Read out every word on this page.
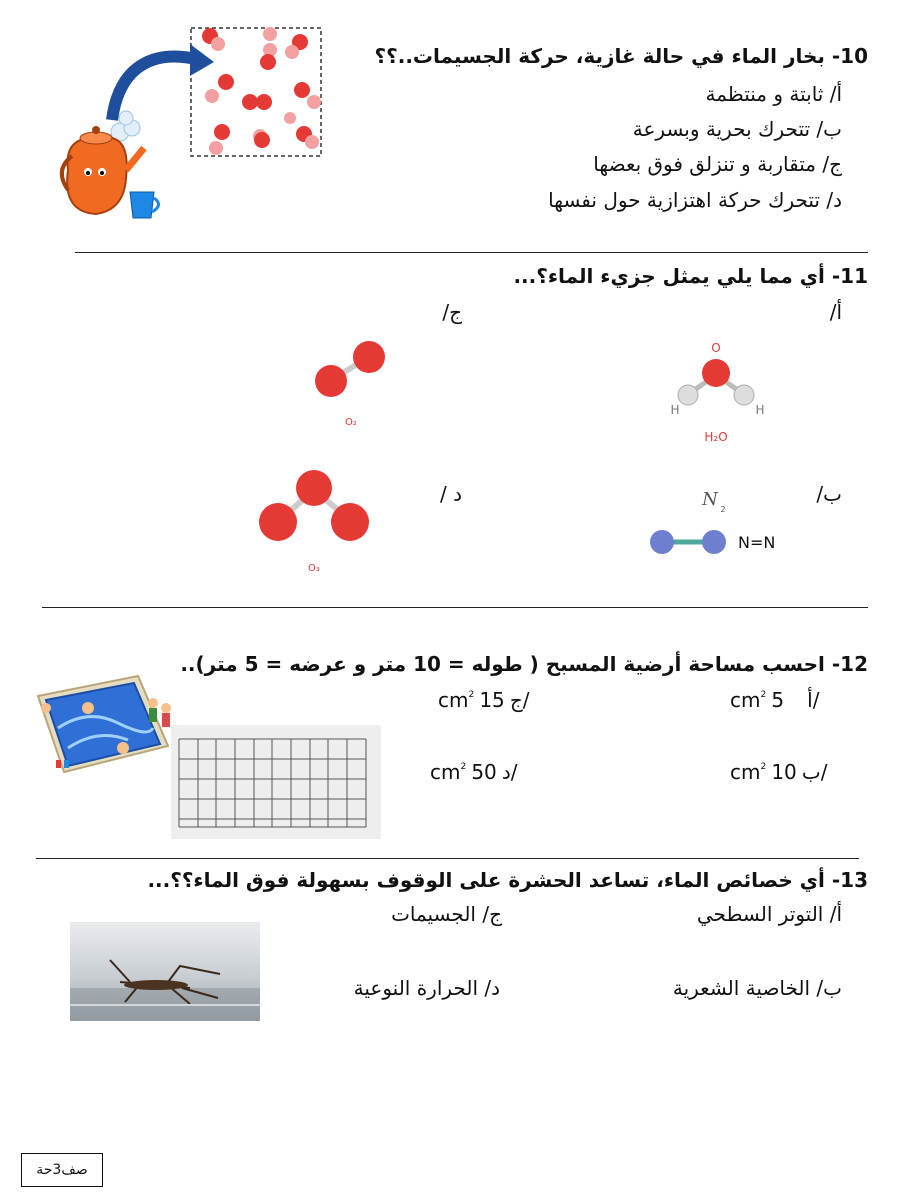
10- بخار الماء في حالة غازية، حركة الجسيمات..؟؟
أ/ ثابتة و منتظمة
ب/ تتحرك بحرية وبسرعة
ج/ متقاربة و تنزلق فوق بعضها
د/ تتحرك حركة اهتزازية حول نفسها
11- أي مما يلي يمثل جزيء الماء؟...
أ/
ج/
ب/
د /
O
H	H
H₂O
O₂
N 2
N=N
O₃
12- احسب مساحة أرضية المسبح ( طوله = 10 متر و عرضه = 5 متر)..
$cm^2$ 5 أ/
$cm^2$ 15 ج/
$cm^2$ 10 ب/
$cm^2$ 50 د/
13- أي خصائص الماء، تساعد الحشرة على الوقوف بسهولة فوق الماء؟؟...
أ/ التوتر السطحي
ج/ الجسيمات
ب/ الخاصية الشعرية
د/ الحرارة النوعية
صف3حة
